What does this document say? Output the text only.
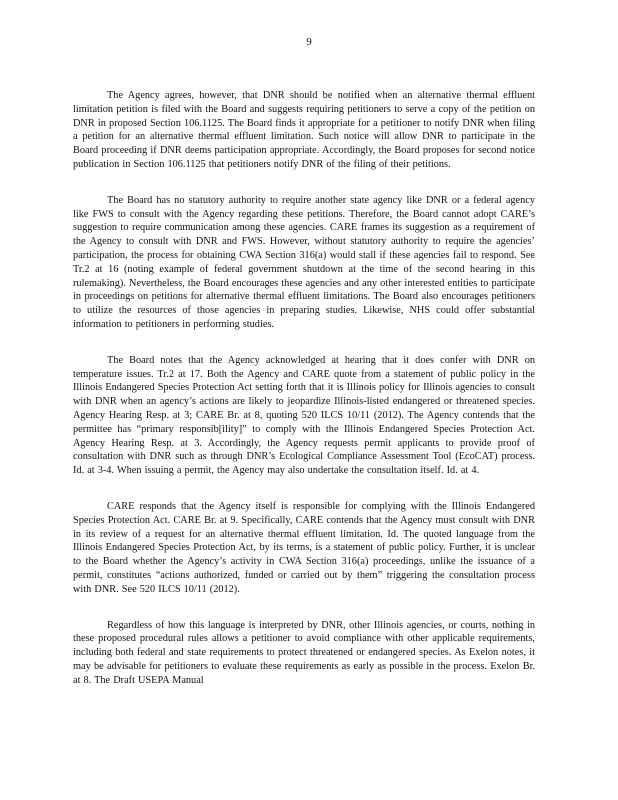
9

The Agency agrees, however, that DNR should be notified when an alternative thermal effluent limitation petition is filed with the Board and suggests requiring petitioners to serve a copy of the petition on DNR in proposed Section 106.1125. The Board finds it appropriate for a petitioner to notify DNR when filing a petition for an alternative thermal effluent limitation. Such notice will allow DNR to participate in the Board proceeding if DNR deems participation appropriate. Accordingly, the Board proposes for second notice publication in Section 106.1125 that petitioners notify DNR of the filing of their petitions.

The Board has no statutory authority to require another state agency like DNR or a federal agency like FWS to consult with the Agency regarding these petitions. Therefore, the Board cannot adopt CARE’s suggestion to require communication among these agencies. CARE frames its suggestion as a requirement of the Agency to consult with DNR and FWS. However, without statutory authority to require the agencies’ participation, the process for obtaining CWA Section 316(a) would stall if these agencies fail to respond. See Tr.2 at 16 (noting example of federal government shutdown at the time of the second hearing in this rulemaking). Nevertheless, the Board encourages these agencies and any other interested entities to participate in proceedings on petitions for alternative thermal effluent limitations. The Board also encourages petitioners to utilize the resources of those agencies in preparing studies. Likewise, NHS could offer substantial information to petitioners in performing studies.

The Board notes that the Agency acknowledged at hearing that it does confer with DNR on temperature issues. Tr.2 at 17. Both the Agency and CARE quote from a statement of public policy in the Illinois Endangered Species Protection Act setting forth that it is Illinois policy for Illinois agencies to consult with DNR when an agency’s actions are likely to jeopardize Illinois-listed endangered or threatened species. Agency Hearing Resp. at 3; CARE Br. at 8, quoting 520 ILCS 10/11 (2012). The Agency contends that the permittee has “primary responsib[ility]” to comply with the Illinois Endangered Species Protection Act. Agency Hearing Resp. at 3. Accordingly, the Agency requests permit applicants to provide proof of consultation with DNR such as through DNR’s Ecological Compliance Assessment Tool (EcoCAT) process. Id. at 3-4. When issuing a permit, the Agency may also undertake the consultation itself. Id. at 4.

CARE responds that the Agency itself is responsible for complying with the Illinois Endangered Species Protection Act. CARE Br. at 9. Specifically, CARE contends that the Agency must consult with DNR in its review of a request for an alternative thermal effluent limitation. Id. The quoted language from the Illinois Endangered Species Protection Act, by its terms, is a statement of public policy. Further, it is unclear to the Board whether the Agency’s activity in CWA Section 316(a) proceedings, unlike the issuance of a permit, constitutes “actions authorized, funded or carried out by them” triggering the consultation process with DNR. See 520 ILCS 10/11 (2012).

Regardless of how this language is interpreted by DNR, other Illinois agencies, or courts, nothing in these proposed procedural rules allows a petitioner to avoid compliance with other applicable requirements, including both federal and state requirements to protect threatened or endangered species. As Exelon notes, it may be advisable for petitioners to evaluate these requirements as early as possible in the process. Exelon Br. at 8. The Draft USEPA Manual
